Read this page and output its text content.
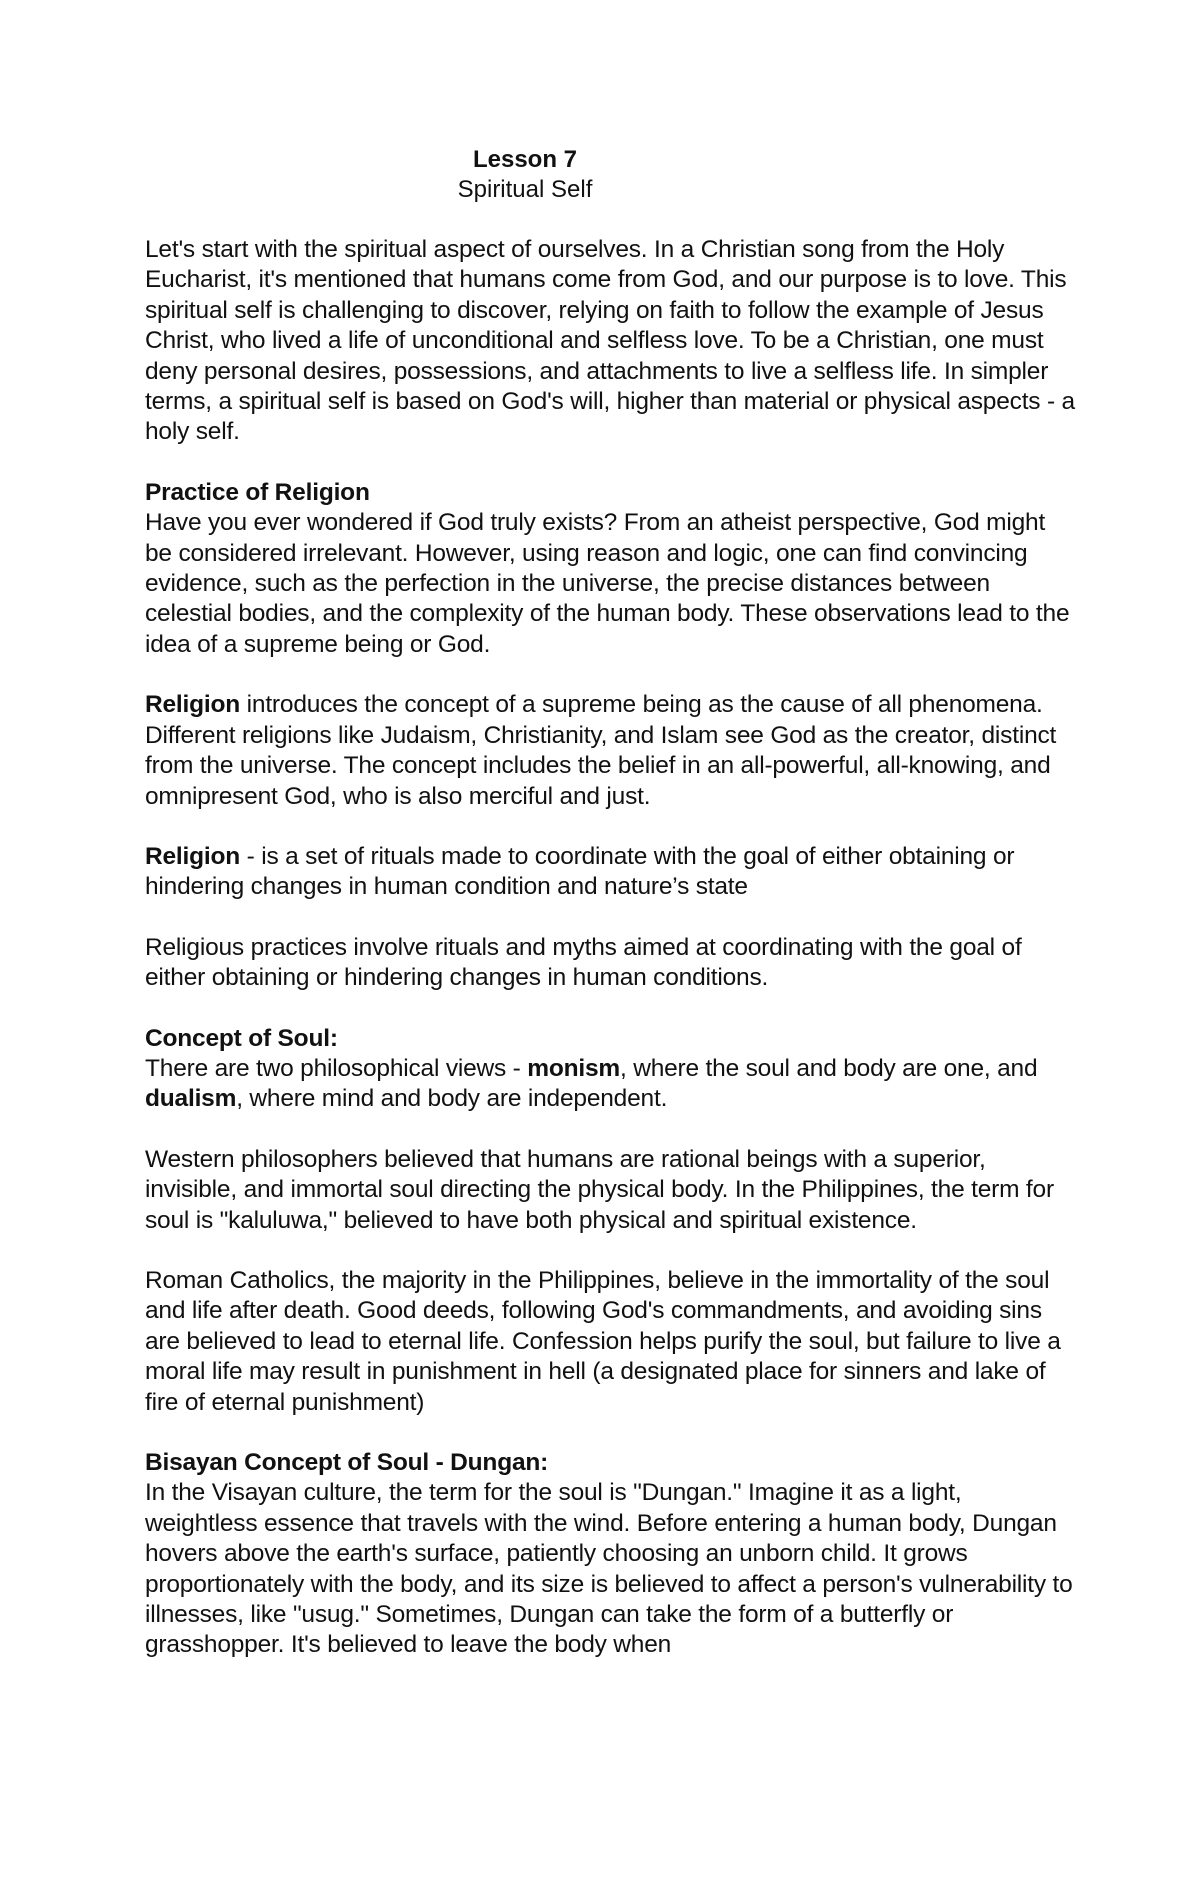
Lesson 7
Spiritual Self

Let's start with the spiritual aspect of ourselves. In a Christian song from the Holy Eucharist, it's mentioned that humans come from God, and our purpose is to love. This spiritual self is challenging to discover, relying on faith to follow the example of Jesus Christ, who lived a life of unconditional and selfless love. To be a Christian, one must deny personal desires, possessions, and attachments to live a selfless life. In simpler terms, a spiritual self is based on God's will, higher than material or physical aspects - a holy self.

Practice of Religion
Have you ever wondered if God truly exists? From an atheist perspective, God might be considered irrelevant. However, using reason and logic, one can find convincing evidence, such as the perfection in the universe, the precise distances between celestial bodies, and the complexity of the human body. These observations lead to the idea of a supreme being or God.

Religion introduces the concept of a supreme being as the cause of all phenomena. Different religions like Judaism, Christianity, and Islam see God as the creator, distinct from the universe. The concept includes the belief in an all-powerful, all-knowing, and omnipresent God, who is also merciful and just.

Religion - is a set of rituals made to coordinate with the goal of either obtaining or hindering changes in human condition and nature’s state

Religious practices involve rituals and myths aimed at coordinating with the goal of either obtaining or hindering changes in human conditions.

Concept of Soul:
There are two philosophical views - monism, where the soul and body are one, and dualism, where mind and body are independent.

Western philosophers believed that humans are rational beings with a superior, invisible, and immortal soul directing the physical body. In the Philippines, the term for soul is "kaluluwa," believed to have both physical and spiritual existence.

Roman Catholics, the majority in the Philippines, believe in the immortality of the soul and life after death. Good deeds, following God's commandments, and avoiding sins are believed to lead to eternal life. Confession helps purify the soul, but failure to live a moral life may result in punishment in hell (a designated place for sinners and lake of fire of eternal punishment)

Bisayan Concept of Soul - Dungan:
In the Visayan culture, the term for the soul is "Dungan." Imagine it as a light, weightless essence that travels with the wind. Before entering a human body, Dungan hovers above the earth's surface, patiently choosing an unborn child. It grows proportionately with the body, and its size is believed to affect a person's vulnerability to illnesses, like "usug." Sometimes, Dungan can take the form of a butterfly or grasshopper. It's believed to leave the body when
